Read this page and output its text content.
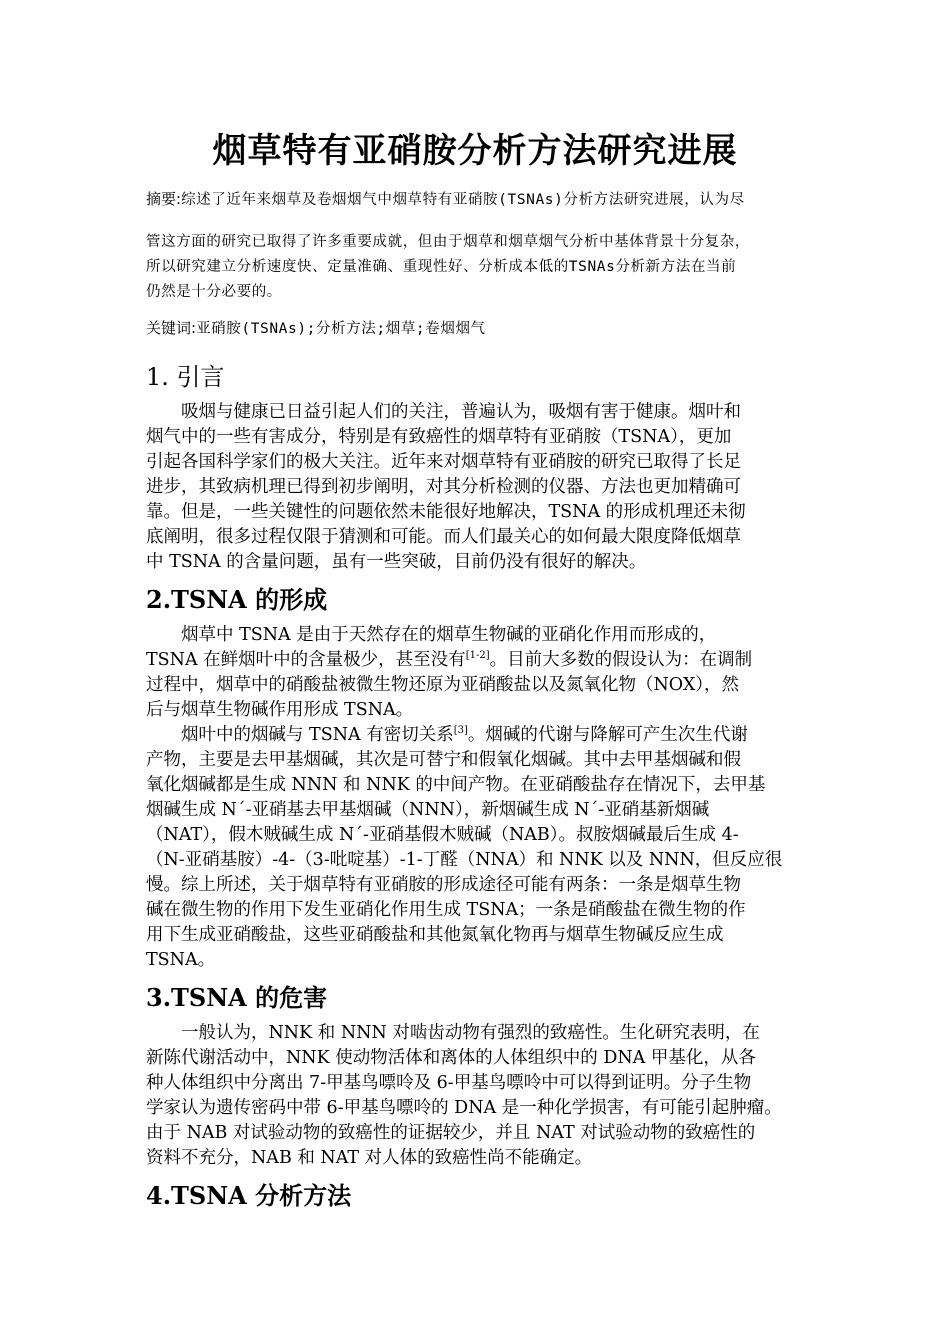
烟草特有亚硝胺分析方法研究进展
摘要:综述了近年来烟草及卷烟烟气中烟草特有亚硝胺(TSNAs)分析方法研究进展，认为尽
管这方面的研究已取得了许多重要成就，但由于烟草和烟草烟气分析中基体背景十分复杂，
所以研究建立分析速度快、定量准确、重现性好、分析成本低的TSNAs分析新方法在当前
仍然是十分必要的。
关键词:亚硝胺(TSNAs);分析方法;烟草;卷烟烟气
1. 引言
吸烟与健康已日益引起人们的关注，普遍认为，吸烟有害于健康。烟叶和
烟气中的一些有害成分，特别是有致癌性的烟草特有亚硝胺（TSNA），更加
引起各国科学家们的极大关注。近年来对烟草特有亚硝胺的研究已取得了长足
进步，其致病机理已得到初步阐明，对其分析检测的仪器、方法也更加精确可
靠。但是，一些关键性的问题依然未能很好地解决，TSNA 的形成机理还未彻
底阐明，很多过程仅限于猜测和可能。而人们最关心的如何最大限度降低烟草
中 TSNA 的含量问题，虽有一些突破，目前仍没有很好的解决。
2.TSNA 的形成
烟草中 TSNA 是由于天然存在的烟草生物碱的亚硝化作用而形成的，
TSNA 在鲜烟叶中的含量极少，甚至没有[1-2]。目前大多数的假设认为：在调制
过程中，烟草中的硝酸盐被微生物还原为亚硝酸盐以及氮氧化物（NOX），然
后与烟草生物碱作用形成 TSNA。
烟叶中的烟碱与 TSNA 有密切关系[3]。烟碱的代谢与降解可产生次生代谢
产物，主要是去甲基烟碱，其次是可替宁和假氧化烟碱。其中去甲基烟碱和假
氧化烟碱都是生成 NNN 和 NNK 的中间产物。在亚硝酸盐存在情况下，去甲基
烟碱生成 N´-亚硝基去甲基烟碱（NNN），新烟碱生成 N´-亚硝基新烟碱
（NAT），假木贼碱生成 N´-亚硝基假木贼碱（NAB）。叔胺烟碱最后生成 4-
（N-亚硝基胺）-4-（3-吡啶基）-1-丁醛（NNA）和 NNK 以及 NNN，但反应很
慢。综上所述，关于烟草特有亚硝胺的形成途径可能有两条：一条是烟草生物
碱在微生物的作用下发生亚硝化作用生成 TSNA；一条是硝酸盐在微生物的作
用下生成亚硝酸盐，这些亚硝酸盐和其他氮氧化物再与烟草生物碱反应生成
TSNA。
3.TSNA 的危害
一般认为，NNK 和 NNN 对啮齿动物有强烈的致癌性。生化研究表明，在
新陈代谢活动中，NNK 使动物活体和离体的人体组织中的 DNA 甲基化，从各
种人体组织中分离出 7-甲基鸟嘌呤及 6-甲基鸟嘌呤中可以得到证明。分子生物
学家认为遗传密码中带 6-甲基鸟嘌呤的 DNA 是一种化学损害，有可能引起肿瘤。
由于 NAB 对试验动物的致癌性的证据较少，并且 NAT 对试验动物的致癌性的
资料不充分，NAB 和 NAT 对人体的致癌性尚不能确定。
4.TSNA 分析方法
